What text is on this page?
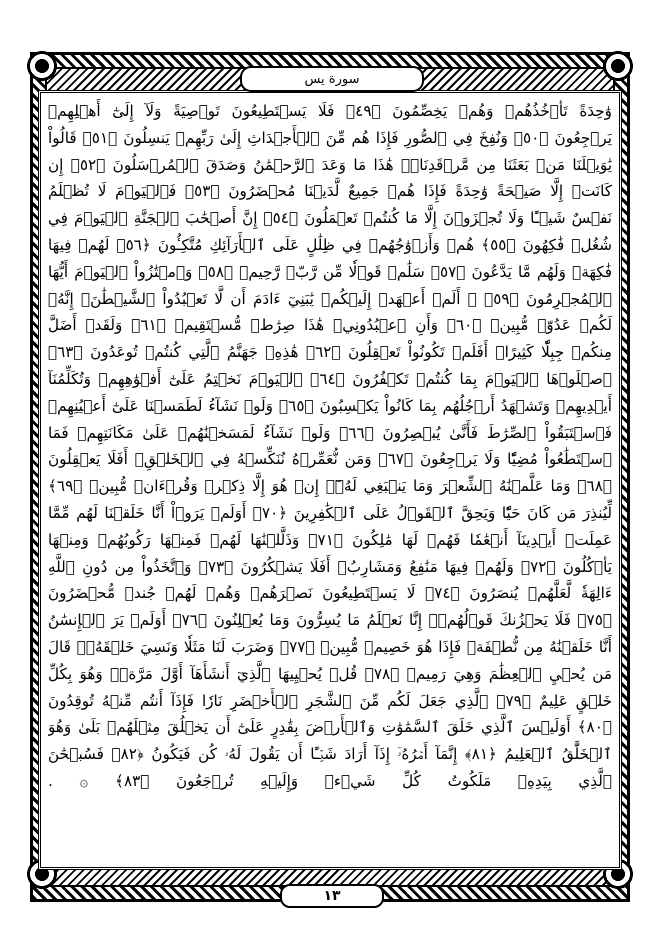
سورة يس
وَٰحِدَةً تَأۡخُذُهُمۡ وَهُمۡ يَخِصِّمُونَ ﴿٤٩﴾ فَلَا يَسۡتَطِيعُونَ تَوۡصِيَةً وَلَآ إِلَىٰٓ أَهۡلِهِمۡ يَرۡجِعُونَ ﴿٥٠﴾ وَنُفِخَ فِي ٱلصُّورِ فَإِذَا هُم مِّنَ ٱلۡأَجۡدَاثِ إِلَىٰ رَبِّهِمۡ يَنسِلُونَ ﴿٥١﴾ قَالُواْ يَٰوَيۡلَنَا مَنۢ بَعَثَنَا مِن مَّرۡقَدِنَاۜۗ هَٰذَا مَا وَعَدَ ٱلرَّحۡمَٰنُ وَصَدَقَ ٱلۡمُرۡسَلُونَ ﴿٥٢﴾ إِن كَانَتۡ إِلَّا صَيۡحَةً وَٰحِدَةً فَإِذَا هُمۡ جَمِيعٌ لَّدَيۡنَا مُحۡضَرُونَ ﴿٥٣﴾ فَٱلۡيَوۡمَ لَا تُظۡلَمُ نَفۡسٌ شَيۡـًٔا وَلَا تُجۡزَوۡنَ إِلَّا مَا كُنتُمۡ تَعۡمَلُونَ ﴿٥٤﴾ إِنَّ أَصۡحَٰبَ ٱلۡجَنَّةِ ٱلۡيَوۡمَ فِي شُغُلٖ فَٰكِهُونَ ﴿٥٥﴾ هُمۡ وَأَزۡوَٰجُهُمۡ فِي ظِلَٰلٍ عَلَى ٱلۡأَرَآئِكِ مُتَّكِـُٔونَ ﴿٥٦﴾ لَهُمۡ فِيهَا فَٰكِهَةٞ وَلَهُم مَّا يَدَّعُونَ ﴿٥٧﴾ سَلَٰمٞ قَوۡلٗا مِّن رَّبّٖ رَّحِيمٖ ﴿٥٨﴾ وَٱمۡتَٰزُواْ ٱلۡيَوۡمَ أَيُّهَا ٱلۡمُجۡرِمُونَ ﴿٥٩﴾ ۞ أَلَمۡ أَعۡهَدۡ إِلَيۡكُمۡ يَٰبَنِيٓ ءَادَمَ أَن لَّا تَعۡبُدُواْ ٱلشَّيۡطَٰنَۖ إِنَّهُۥ لَكُمۡ عَدُوّٞ مُّبِينٞ ﴿٦٠﴾ وَأَنِ ٱعۡبُدُونِيۚ هَٰذَا صِرَٰطٞ مُّسۡتَقِيمٞ ﴿٦١﴾ وَلَقَدۡ أَضَلَّ مِنكُمۡ جِبِلّٗا كَثِيرًاۖ أَفَلَمۡ تَكُونُواْ تَعۡقِلُونَ ﴿٦٢﴾ هَٰذِهِۦ جَهَنَّمُ ٱلَّتِي كُنتُمۡ تُوعَدُونَ ﴿٦٣﴾ ٱصۡلَوۡهَا ٱلۡيَوۡمَ بِمَا كُنتُمۡ تَكۡفُرُونَ ﴿٦٤﴾ ٱلۡيَوۡمَ نَخۡتِمُ عَلَىٰٓ أَفۡوَٰهِهِمۡ وَتُكَلِّمُنَآ أَيۡدِيهِمۡ وَتَشۡهَدُ أَرۡجُلُهُم بِمَا كَانُواْ يَكۡسِبُونَ ﴿٦٥﴾ وَلَوۡ نَشَآءُ لَطَمَسۡنَا عَلَىٰٓ أَعۡيُنِهِمۡ فَٱسۡتَبَقُواْ ٱلصِّرَٰطَ فَأَنَّىٰ يُبۡصِرُونَ ﴿٦٦﴾ وَلَوۡ نَشَآءُ لَمَسَخۡنَٰهُمۡ عَلَىٰ مَكَانَتِهِمۡ فَمَا ٱسۡتَطَٰعُواْ مُضِيّٗا وَلَا يَرۡجِعُونَ ﴿٦٧﴾ وَمَن نُّعَمِّرۡهُ نُنَكِّسۡهُ فِي ٱلۡخَلۡقِۚ أَفَلَا يَعۡقِلُونَ ﴿٦٨﴾ وَمَا عَلَّمۡنَٰهُ ٱلشِّعۡرَ وَمَا يَنۢبَغِي لَهُۥٓۚ إِنۡ هُوَ إِلَّا ذِكۡرٞ وَقُرۡءَانٞ مُّبِينٞ ﴿٦٩﴾ لِّيُنذِرَ مَن كَانَ حَيّٗا وَيَحِقَّ ٱلۡقَوۡلُ عَلَى ٱلۡكَٰفِرِينَ ﴿٧٠﴾ أَوَلَمۡ يَرَوۡاْ أَنَّا خَلَقۡنَا لَهُم مِّمَّا عَمِلَتۡ أَيۡدِينَآ أَنۡعَٰمٗا فَهُمۡ لَهَا مَٰلِكُونَ ﴿٧١﴾ وَذَلَّلۡنَٰهَا لَهُمۡ فَمِنۡهَا رَكُوبُهُمۡ وَمِنۡهَا يَأۡكُلُونَ ﴿٧٢﴾ وَلَهُمۡ فِيهَا مَنَٰفِعُ وَمَشَارِبُۚ أَفَلَا يَشۡكُرُونَ ﴿٧٣﴾ وَٱتَّخَذُواْ مِن دُونِ ٱللَّهِ ءَالِهَةٗ لَّعَلَّهُمۡ يُنصَرُونَ ﴿٧٤﴾ لَا يَسۡتَطِيعُونَ نَصۡرَهُمۡ وَهُمۡ لَهُمۡ جُندٞ مُّحۡضَرُونَ ﴿٧٥﴾ فَلَا يَحۡزُنكَ قَوۡلُهُمۡۘ إِنَّا نَعۡلَمُ مَا يُسِرُّونَ وَمَا يُعۡلِنُونَ ﴿٧٦﴾ أَوَلَمۡ يَرَ ٱلۡإِنسَٰنُ أَنَّا خَلَقۡنَٰهُ مِن نُّطۡفَةٖ فَإِذَا هُوَ خَصِيمٞ مُّبِينٞ ﴿٧٧﴾ وَضَرَبَ لَنَا مَثَلٗا وَنَسِيَ خَلۡقَهُۥۖ قَالَ مَن يُحۡيِ ٱلۡعِظَٰمَ وَهِيَ رَمِيمٞ ﴿٧٨﴾ قُلۡ يُحۡيِيهَا ٱلَّذِيٓ أَنشَأَهَآ أَوَّلَ مَرَّةٖۖ وَهُوَ بِكُلِّ خَلۡقٍ عَلِيمٌ ﴿٧٩﴾ ٱلَّذِي جَعَلَ لَكُم مِّنَ ٱلشَّجَرِ ٱلۡأَخۡضَرِ نَارٗا فَإِذَآ أَنتُم مِّنۡهُ تُوقِدُونَ ﴿٨٠﴾ أَوَلَيۡسَ ٱلَّذِي خَلَقَ ٱلسَّمَٰوَٰتِ وَٱلۡأَرۡضَ بِقَٰدِرٍ عَلَىٰٓ أَن يَخۡلُقَ مِثۡلَهُمۚ بَلَىٰ وَهُوَ ٱلۡخَلَّٰقُ ٱلۡعَلِيمُ ﴿٨١﴾ إِنَّمَآ أَمۡرُهُۥٓ إِذَآ أَرَادَ شَيۡـًٔا أَن يَقُولَ لَهُۥ كُن فَيَكُونُ ﴿٨٢﴾ فَسُبۡحَٰنَ ٱلَّذِي بِيَدِهِۦ مَلَكُوتُ كُلِّ شَيۡءٖ وَإِلَيۡهِ تُرۡجَعُونَ ﴿٨٣﴾ ۞ .
١٣
